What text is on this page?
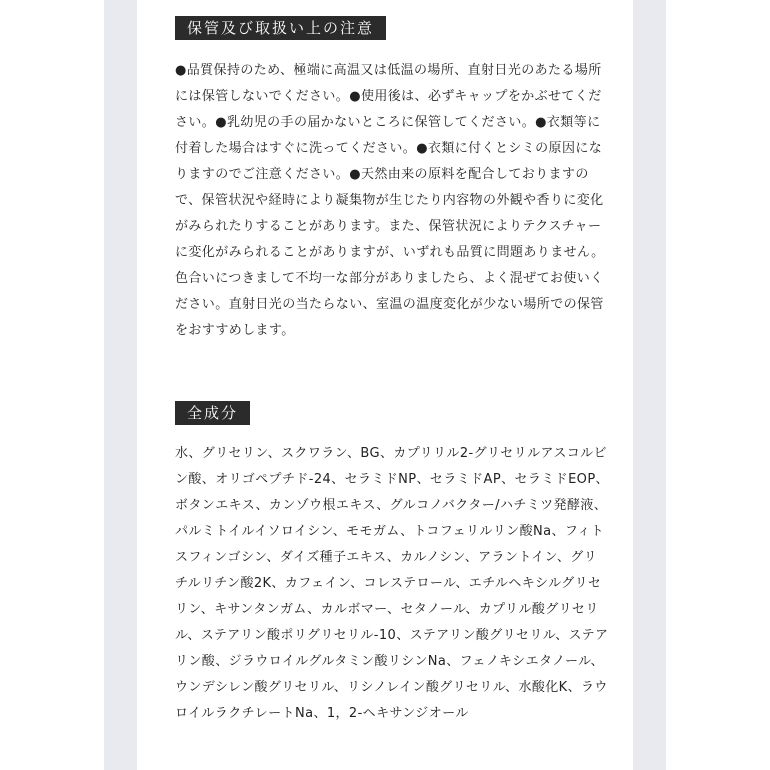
保管及び取扱い上の注意

●品質保持のため、極端に高温又は低温の場所、直射日光のあたる場所には保管しないでください。●使用後は、必ずキャップをかぶせてください。●乳幼児の手の届かないところに保管してください。●衣類等に付着した場合はすぐに洗ってください。●衣類に付くとシミの原因になりますのでご注意ください。●天然由来の原料を配合しておりますので、保管状況や経時により凝集物が生じたり内容物の外観や香りに変化がみられたりすることがあります。また、保管状況によりテクスチャーに変化がみられることがありますが、いずれも品質に問題ありません。色合いにつきまして不均一な部分がありましたら、よく混ぜてお使いください。直射日光の当たらない、室温の温度変化が少ない場所での保管をおすすめします。

全成分

水、グリセリン、スクワラン、BG、カプリリル2-グリセリルアスコルビン酸、オリゴペプチド-24、セラミドNP、セラミドAP、セラミドEOP、ボタンエキス、カンゾウ根エキス、グルコノバクター/ハチミツ発酵液、パルミトイルイソロイシン、モモガム、トコフェリルリン酸Na、フィトスフィンゴシン、ダイズ種子エキス、カルノシン、アラントイン、グリチルリチン酸2K、カフェイン、コレステロール、エチルヘキシルグリセリン、キサンタンガム、カルボマー、セタノール、カプリル酸グリセリル、ステアリン酸ポリグリセリル-10、ステアリン酸グリセリル、ステアリン酸、ジラウロイルグルタミン酸リシンNa、フェノキシエタノール、ウンデシレン酸グリセリル、リシノレイン酸グリセリル、水酸化K、ラウロイルラクチレートNa、1，2-ヘキサンジオール
